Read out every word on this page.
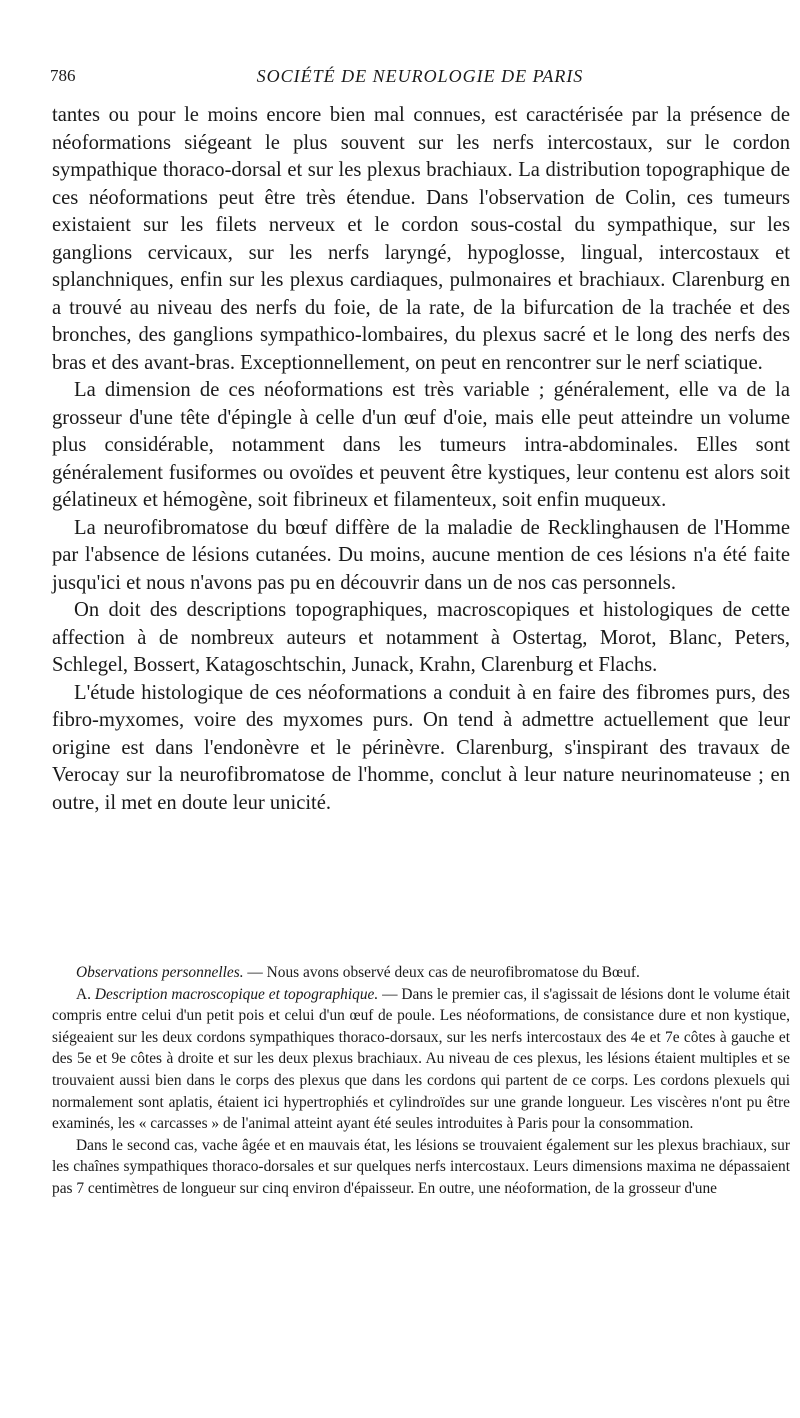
786	SOCIÉTÉ DE NEUROLOGIE DE PARIS

tantes ou pour le moins encore bien mal connues, est caractérisée par la présence de néoformations siégeant le plus souvent sur les nerfs intercostaux, sur le cordon sympathique thoraco-dorsal et sur les plexus brachiaux. La distribution topographique de ces néoformations peut être très étendue. Dans l'observation de Colin, ces tumeurs existaient sur les filets nerveux et le cordon sous-costal du sympathique, sur les ganglions cervicaux, sur les nerfs laryngé, hypoglosse, lingual, intercostaux et splanchniques, enfin sur les plexus cardiaques, pulmonaires et brachiaux. Clarenburg en a trouvé au niveau des nerfs du foie, de la rate, de la bifurcation de la trachée et des bronches, des ganglions sympathico-lombaires, du plexus sacré et le long des nerfs des bras et des avant-bras. Exceptionnellement, on peut en rencontrer sur le nerf sciatique.

La dimension de ces néoformations est très variable ; généralement, elle va de la grosseur d'une tête d'épingle à celle d'un œuf d'oie, mais elle peut atteindre un volume plus considérable, notamment dans les tumeurs intra-abdominales. Elles sont généralement fusiformes ou ovoïdes et peuvent être kystiques, leur contenu est alors soit gélatineux et hémogène, soit fibrineux et filamenteux, soit enfin muqueux.

La neurofibromatose du bœuf diffère de la maladie de Recklinghausen de l'Homme par l'absence de lésions cutanées. Du moins, aucune mention de ces lésions n'a été faite jusqu'ici et nous n'avons pas pu en découvrir dans un de nos cas personnels.

On doit des descriptions topographiques, macroscopiques et histologiques de cette affection à de nombreux auteurs et notamment à Ostertag, Morot, Blanc, Peters, Schlegel, Bossert, Katagoschtschin, Junack, Krahn, Clarenburg et Flachs.

L'étude histologique de ces néoformations a conduit à en faire des fibromes purs, des fibro-myxomes, voire des myxomes purs. On tend à admettre actuellement que leur origine est dans l'endonèvre et le périnèvre. Clarenburg, s'inspirant des travaux de Verocay sur la neurofibromatose de l'homme, conclut à leur nature neurinomateuse ; en outre, il met en doute leur unicité.

Observations personnelles. — Nous avons observé deux cas de neurofibromatose du Bœuf.

A. Description macroscopique et topographique. — Dans le premier cas, il s'agissait de lésions dont le volume était compris entre celui d'un petit pois et celui d'un œuf de poule. Les néoformations, de consistance dure et non kystique, siégeaient sur les deux cordons sympathiques thoraco-dorsaux, sur les nerfs intercostaux des 4e et 7e côtes à gauche et des 5e et 9e côtes à droite et sur les deux plexus brachiaux. Au niveau de ces plexus, les lésions étaient multiples et se trouvaient aussi bien dans le corps des plexus que dans les cordons qui partent de ce corps. Les cordons plexuels qui normalement sont aplatis, étaient ici hypertrophiés et cylindroïdes sur une grande longueur. Les viscères n'ont pu être examinés, les « carcasses » de l'animal atteint ayant été seules introduites à Paris pour la consommation.

Dans le second cas, vache âgée et en mauvais état, les lésions se trouvaient également sur les plexus brachiaux, sur les chaînes sympathiques thoraco-dorsales et sur quelques nerfs intercostaux. Leurs dimensions maxima ne dépassaient pas 7 centimètres de longueur sur cinq environ d'épaisseur. En outre, une néoformation, de la grosseur d'une
